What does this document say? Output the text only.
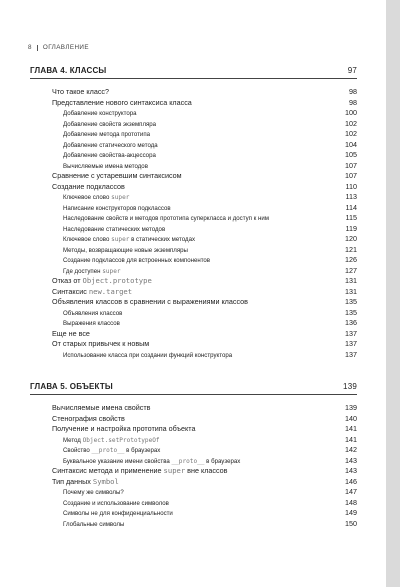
8 ОГЛАВЛЕНИЕ
ГЛАВА 4. КЛАССЫ	97
Что такое класс?	98
Представление нового синтаксиса класса	98
Добавление конструктора	100
Добавление свойств экземпляра	102
Добавление метода прототипа	102
Добавление статического метода	104
Добавление свойства-акцессора	105
Вычисляемые имена методов	107
Сравнение с устаревшим синтаксисом	107
Создание подклассов	110
Ключевое слово super	113
Написание конструкторов подклассов	114
Наследование свойств и методов прототипа суперкласса и доступ к ним	115
Наследование статических методов	119
Ключевое слово super в статических методах	120
Методы, возвращающие новые экземпляры	121
Создание подклассов для встроенных компонентов	126
Где доступен super	127
Отказ от Object.prototype	131
Синтаксис new.target	131
Объявления классов в сравнении с выражениями классов	135
Объявления классов	135
Выражения классов	136
Еще не все	137
От старых привычек к новым	137
Использование класса при создании функций конструктора	137
ГЛАВА 5. ОБЪЕКТЫ	139
Вычисляемые имена свойств	139
Стенография свойств	140
Получение и настройка прототипа объекта	141
Метод Object.setPrototypeOf	141
Свойство __proto__ в браузерах	142
Буквальное указание имени свойства __proto__ в браузерах	143
Синтаксис метода и применение super вне классов	143
Тип данных Symbol	146
Почему же символы?	147
Создание и использование символов	148
Символы не для конфиденциальности	149
Глобальные символы	150
